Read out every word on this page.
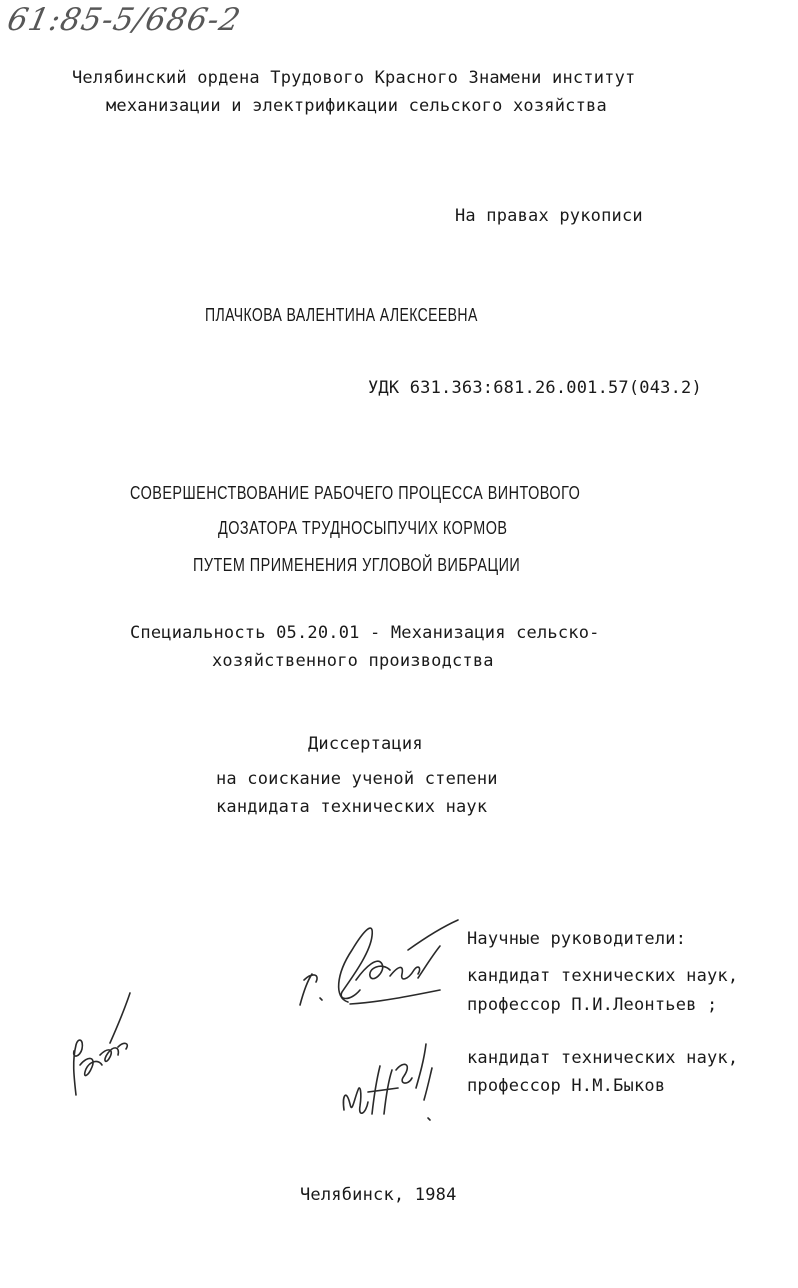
61:85-5/686-2
Челябинский ордена Трудового Красного Знамени институт
механизации и электрификации сельского хозяйства
На правах рукописи
ПЛАЧКОВА ВАЛЕНТИНА АЛЕКСЕЕВНА
УДК 631.363:681.26.001.57(043.2)
СОВЕРШЕНСТВОВАНИЕ РАБОЧЕГО ПРОЦЕССА ВИНТОВОГО
ДОЗАТОРА ТРУДНОСЫПУЧИХ КОРМОВ
ПУТЕМ ПРИМЕНЕНИЯ УГЛОВОЙ ВИБРАЦИИ
Специальность 05.20.01 - Механизация сельско-
хозяйственного производства
Диссертация
на соискание ученой степени
кандидата технических наук
Научные руководители:
кандидат технических наук,
профессор П.И.Леонтьев ;
кандидат технических наук,
профессор Н.М.Быков
Челябинск, 1984
